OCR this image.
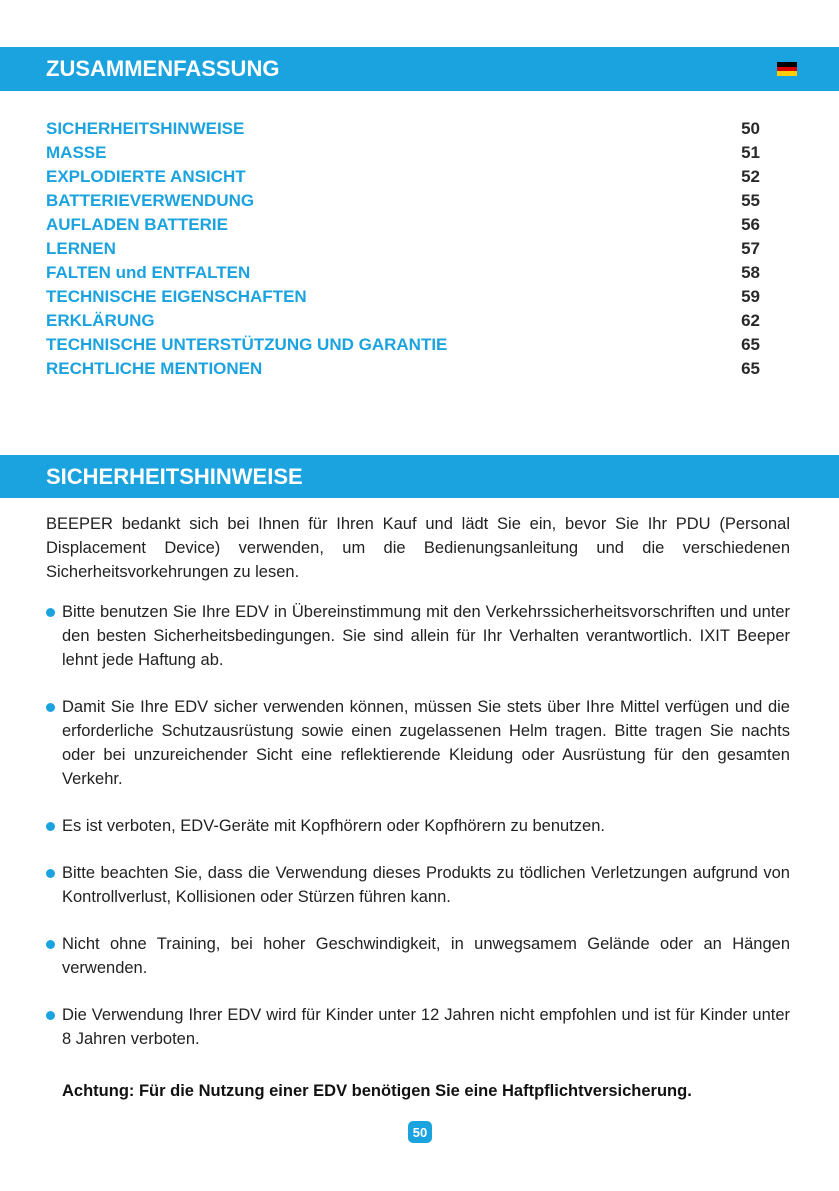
ZUSAMMENFASSUNG
SICHERHEITSHINWEISE	50
MASSE	51
EXPLODIERTE ANSICHT	52
BATTERIEVERWENDUNG	55
AUFLADEN BATTERIE	56
LERNEN	57
FALTEN und ENTFALTEN	58
TECHNISCHE EIGENSCHAFTEN	59
ERKLÄRUNG	62
TECHNISCHE UNTERSTÜTZUNG UND GARANTIE	65
RECHTLICHE MENTIONEN	65
SICHERHEITSHINWEISE

BEEPER bedankt sich bei Ihnen für Ihren Kauf und lädt Sie ein, bevor Sie Ihr PDU (Personal Displacement Device) verwenden, um die Bedienungsanleitung und die verschiedenen Sicherheitsvorkehrungen zu lesen.

Bitte benutzen Sie Ihre EDV in Übereinstimmung mit den Verkehrssicherheitsvorschriften und unter den besten Sicherheitsbedingungen. Sie sind allein für Ihr Verhalten verantwortlich. IXIT Beeper lehnt jede Haftung ab.
Damit Sie Ihre EDV sicher verwenden können, müssen Sie stets über Ihre Mittel verfügen und die erforderliche Schutzausrüstung sowie einen zugelassenen Helm tragen. Bitte tragen Sie nachts oder bei unzureichender Sicht eine reflektierende Kleidung oder Ausrüstung für den gesamten Verkehr.
Es ist verboten, EDV-Geräte mit Kopfhörern oder Kopfhörern zu benutzen.
Bitte beachten Sie, dass die Verwendung dieses Produkts zu tödlichen Verletzungen aufgrund von Kontrollverlust, Kollisionen oder Stürzen führen kann.
Nicht ohne Training, bei hoher Geschwindigkeit, in unwegsamem Gelände oder an Hängen verwenden.
Die Verwendung Ihrer EDV wird für Kinder unter 12 Jahren nicht empfohlen und ist für Kinder unter 8 Jahren verboten.
Achtung: Für die Nutzung einer EDV benötigen Sie eine Haftpflichtversicherung.
50
